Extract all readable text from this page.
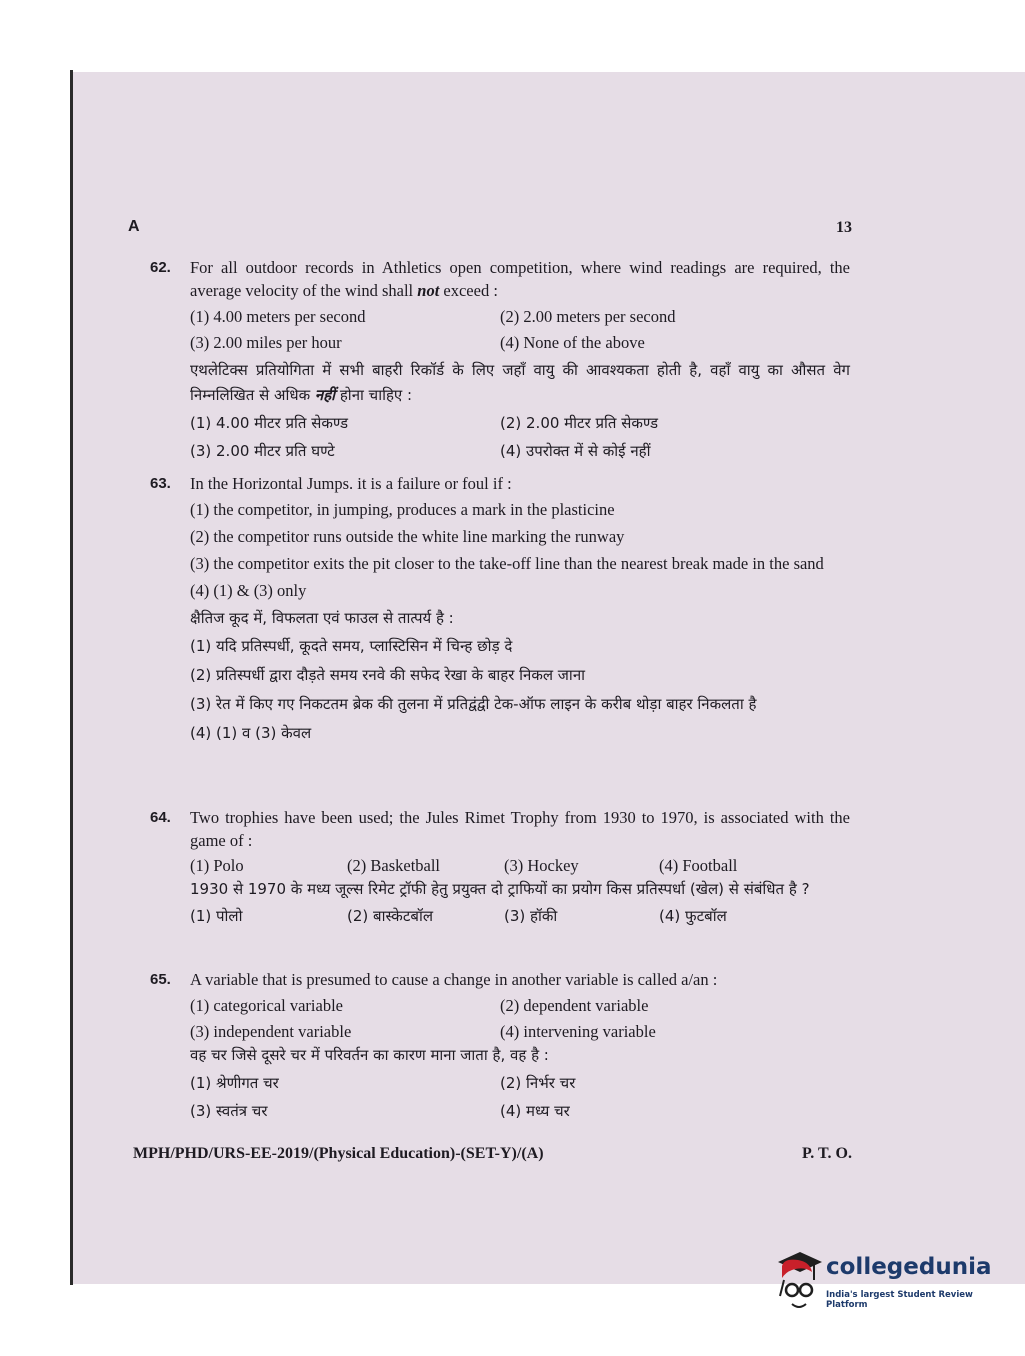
A	13
62. For all outdoor records in Athletics open competition, where wind readings are required, the average velocity of the wind shall not exceed :
(1) 4.00 meters per second	(2) 2.00 meters per second
(3) 2.00 miles per hour	(4) None of the above
एथलेटिक्स प्रतियोगिता में सभी बाहरी रिकॉर्ड के लिए जहाँ वायु की आवश्यकता होती है, वहाँ वायु का औसत वेग निम्नलिखित से अधिक नहीं होना चाहिए :
(1) 4.00 मीटर प्रति सेकण्ड	(2) 2.00 मीटर प्रति सेकण्ड
(3) 2.00 मीटर प्रति घण्टे	(4) उपरोक्त में से कोई नहीं
63. In the Horizontal Jumps. it is a failure or foul if :
(1) the competitor, in jumping, produces a mark in the plasticine
(2) the competitor runs outside the white line marking the runway
(3) the competitor exits the pit closer to the take-off line than the nearest break made in the sand
(4) (1) & (3) only
क्षैतिज कूद में, विफलता एवं फाउल से तात्पर्य है :
(1) यदि प्रतिस्पर्धी, कूदते समय, प्लास्टिसिन में चिन्ह छोड़ दे
(2) प्रतिस्पर्धी द्वारा दौड़ते समय रनवे की सफेद रेखा के बाहर निकल जाना
(3) रेत में किए गए निकटतम ब्रेक की तुलना में प्रतिद्वंद्वी टेक-ऑफ लाइन के करीब थोड़ा बाहर निकलता है
(4) (1) व (3) केवल
64. Two trophies have been used; the Jules Rimet Trophy from 1930 to 1970, is associated with the game of :
(1) Polo	(2) Basketball	(3) Hockey	(4) Football
1930 से 1970 के मध्य जूल्स रिमेट ट्रॉफी हेतु प्रयुक्त दो ट्राफियों का प्रयोग किस प्रतिस्पर्धा (खेल) से संबंधित है ?
(1) पोलो	(2) बास्केटबॉल	(3) हॉकी	(4) फुटबॉल
65. A variable that is presumed to cause a change in another variable is called a/an :
(1) categorical variable	(2) dependent variable
(3) independent variable	(4) intervening variable
वह चर जिसे दूसरे चर में परिवर्तन का कारण माना जाता है, वह है :
(1) श्रेणीगत चर	(2) निर्भर चर
(3) स्वतंत्र चर	(4) मध्य चर
MPH/PHD/URS-EE-2019/(Physical Education)-(SET-Y)/(A)	P. T. O.
collegedunia
India's largest Student Review Platform
